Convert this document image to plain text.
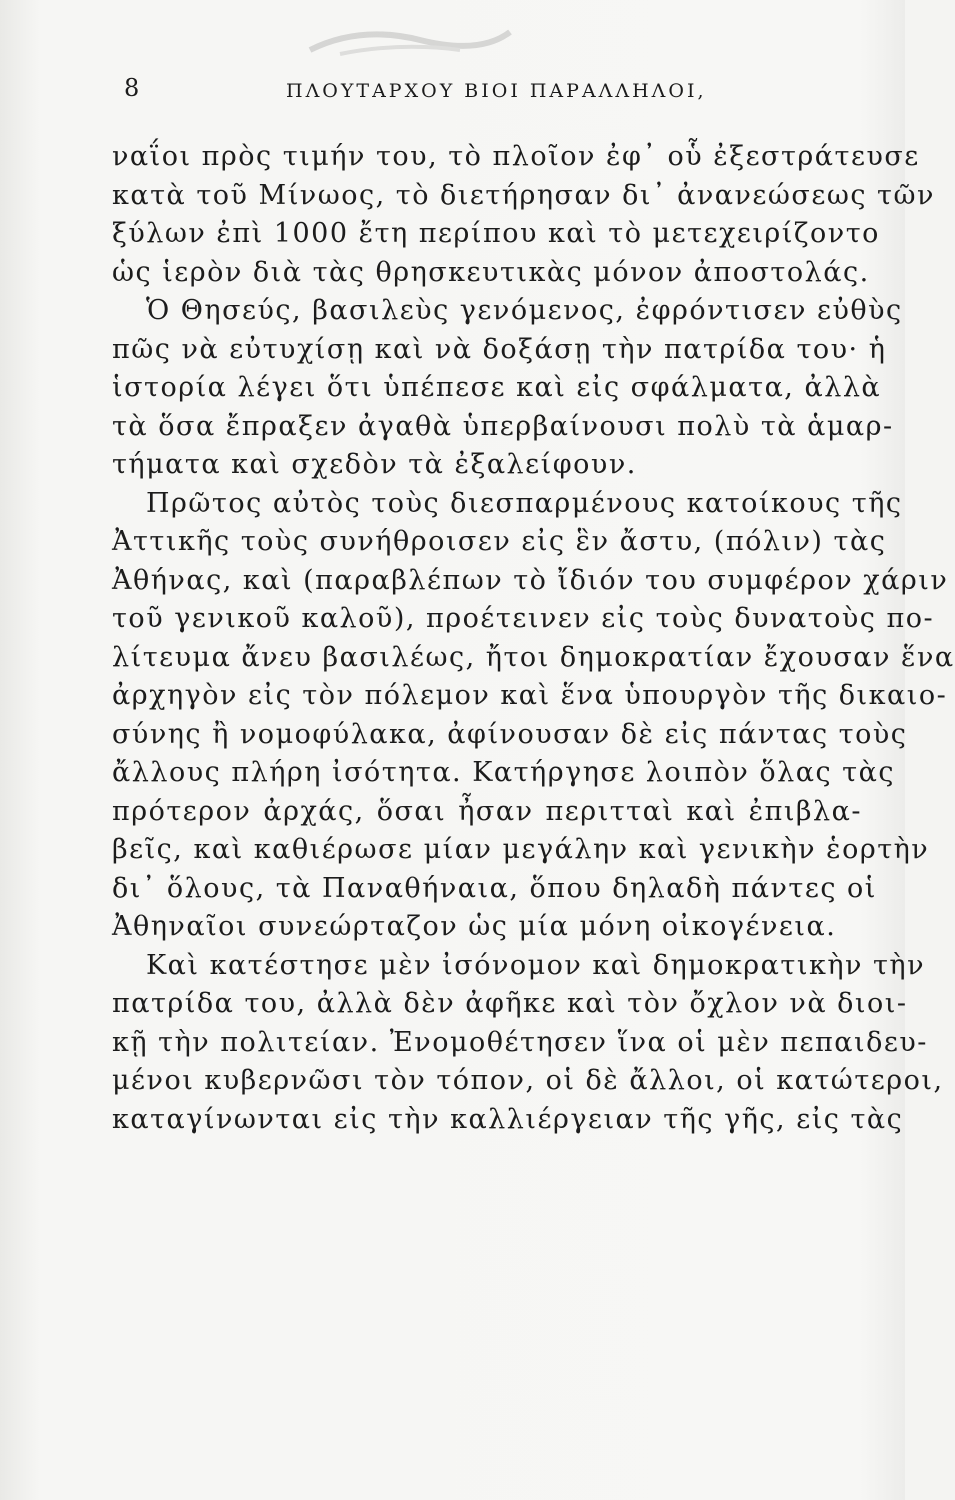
8	ΠΛΟΥΤΑΡΧΟΥ ΒΙΟΙ ΠΑΡΑΛΛΗΛΟΙ,
ναΐοι πρὸς τιμήν του, τὸ πλοῖον ἐφ᾽ οὗ ἐξεστράτευσε
κατὰ τοῦ Μίνωος, τὸ διετήρησαν δι᾽ ἀνανεώσεως τῶν
ξύλων ἐπὶ 1000 ἔτη περίπου καὶ τὸ μετεχειρίζοντο
ὡς ἱερὸν διὰ τὰς θρησκευτικὰς μόνον ἀποστολάς.
Ὁ Θησεύς, βασιλεὺς γενόμενος, ἐφρόντισεν εὐθὺς
πῶς νὰ εὐτυχίσῃ καὶ νὰ δοξάσῃ τὴν πατρίδα του· ἡ
ἱστορία λέγει ὅτι ὑπέπεσε καὶ εἰς σφάλματα, ἀλλὰ
τὰ ὅσα ἔπραξεν ἀγαθὰ ὑπερβαίνουσι πολὺ τὰ ἁμαρ-
τήματα καὶ σχεδὸν τὰ ἐξαλείφουν.
Πρῶτος αὐτὸς τοὺς διεσπαρμένους κατοίκους τῆς
Ἀττικῆς τοὺς συνήθροισεν εἰς ἓν ἄστυ, (πόλιν) τὰς
Ἀθήνας, καὶ (παραβλέπων τὸ ἴδιόν του συμφέρον χάριν
τοῦ γενικοῦ καλοῦ), προέτεινεν εἰς τοὺς δυνατοὺς πο-
λίτευμα ἄνευ βασιλέως, ἤτοι δημοκρατίαν ἔχουσαν ἕνα
ἀρχηγὸν εἰς τὸν πόλεμον καὶ ἕνα ὑπουργὸν τῆς δικαιο-
σύνης ἢ νομοφύλακα, ἀφίνουσαν δὲ εἰς πάντας τοὺς
ἄλλους πλήρη ἰσότητα. Κατήργησε λοιπὸν ὅλας τὰς
πρότερον ἀρχάς, ὅσαι ἦσαν περιτταὶ καὶ ἐπιβλα-
βεῖς, καὶ καθιέρωσε μίαν μεγάλην καὶ γενικὴν ἑορτὴν
δι᾽ ὅλους, τὰ Παναθήναια, ὅπου δηλαδὴ πάντες οἱ
Ἀθηναῖοι συνεώρταζον ὡς μία μόνη οἰκογένεια.
Καὶ κατέστησε μὲν ἰσόνομον καὶ δημοκρατικὴν τὴν
πατρίδα του, ἀλλὰ δὲν ἀφῆκε καὶ τὸν ὄχλον νὰ διοι-
κῇ τὴν πολιτείαν. Ἐνομοθέτησεν ἵνα οἱ μὲν πεπαιδευ-
μένοι κυβερνῶσι τὸν τόπον, οἱ δὲ ἄλλοι, οἱ κατώτεροι,
καταγίνωνται εἰς τὴν καλλιέργειαν τῆς γῆς, εἰς τὰς
